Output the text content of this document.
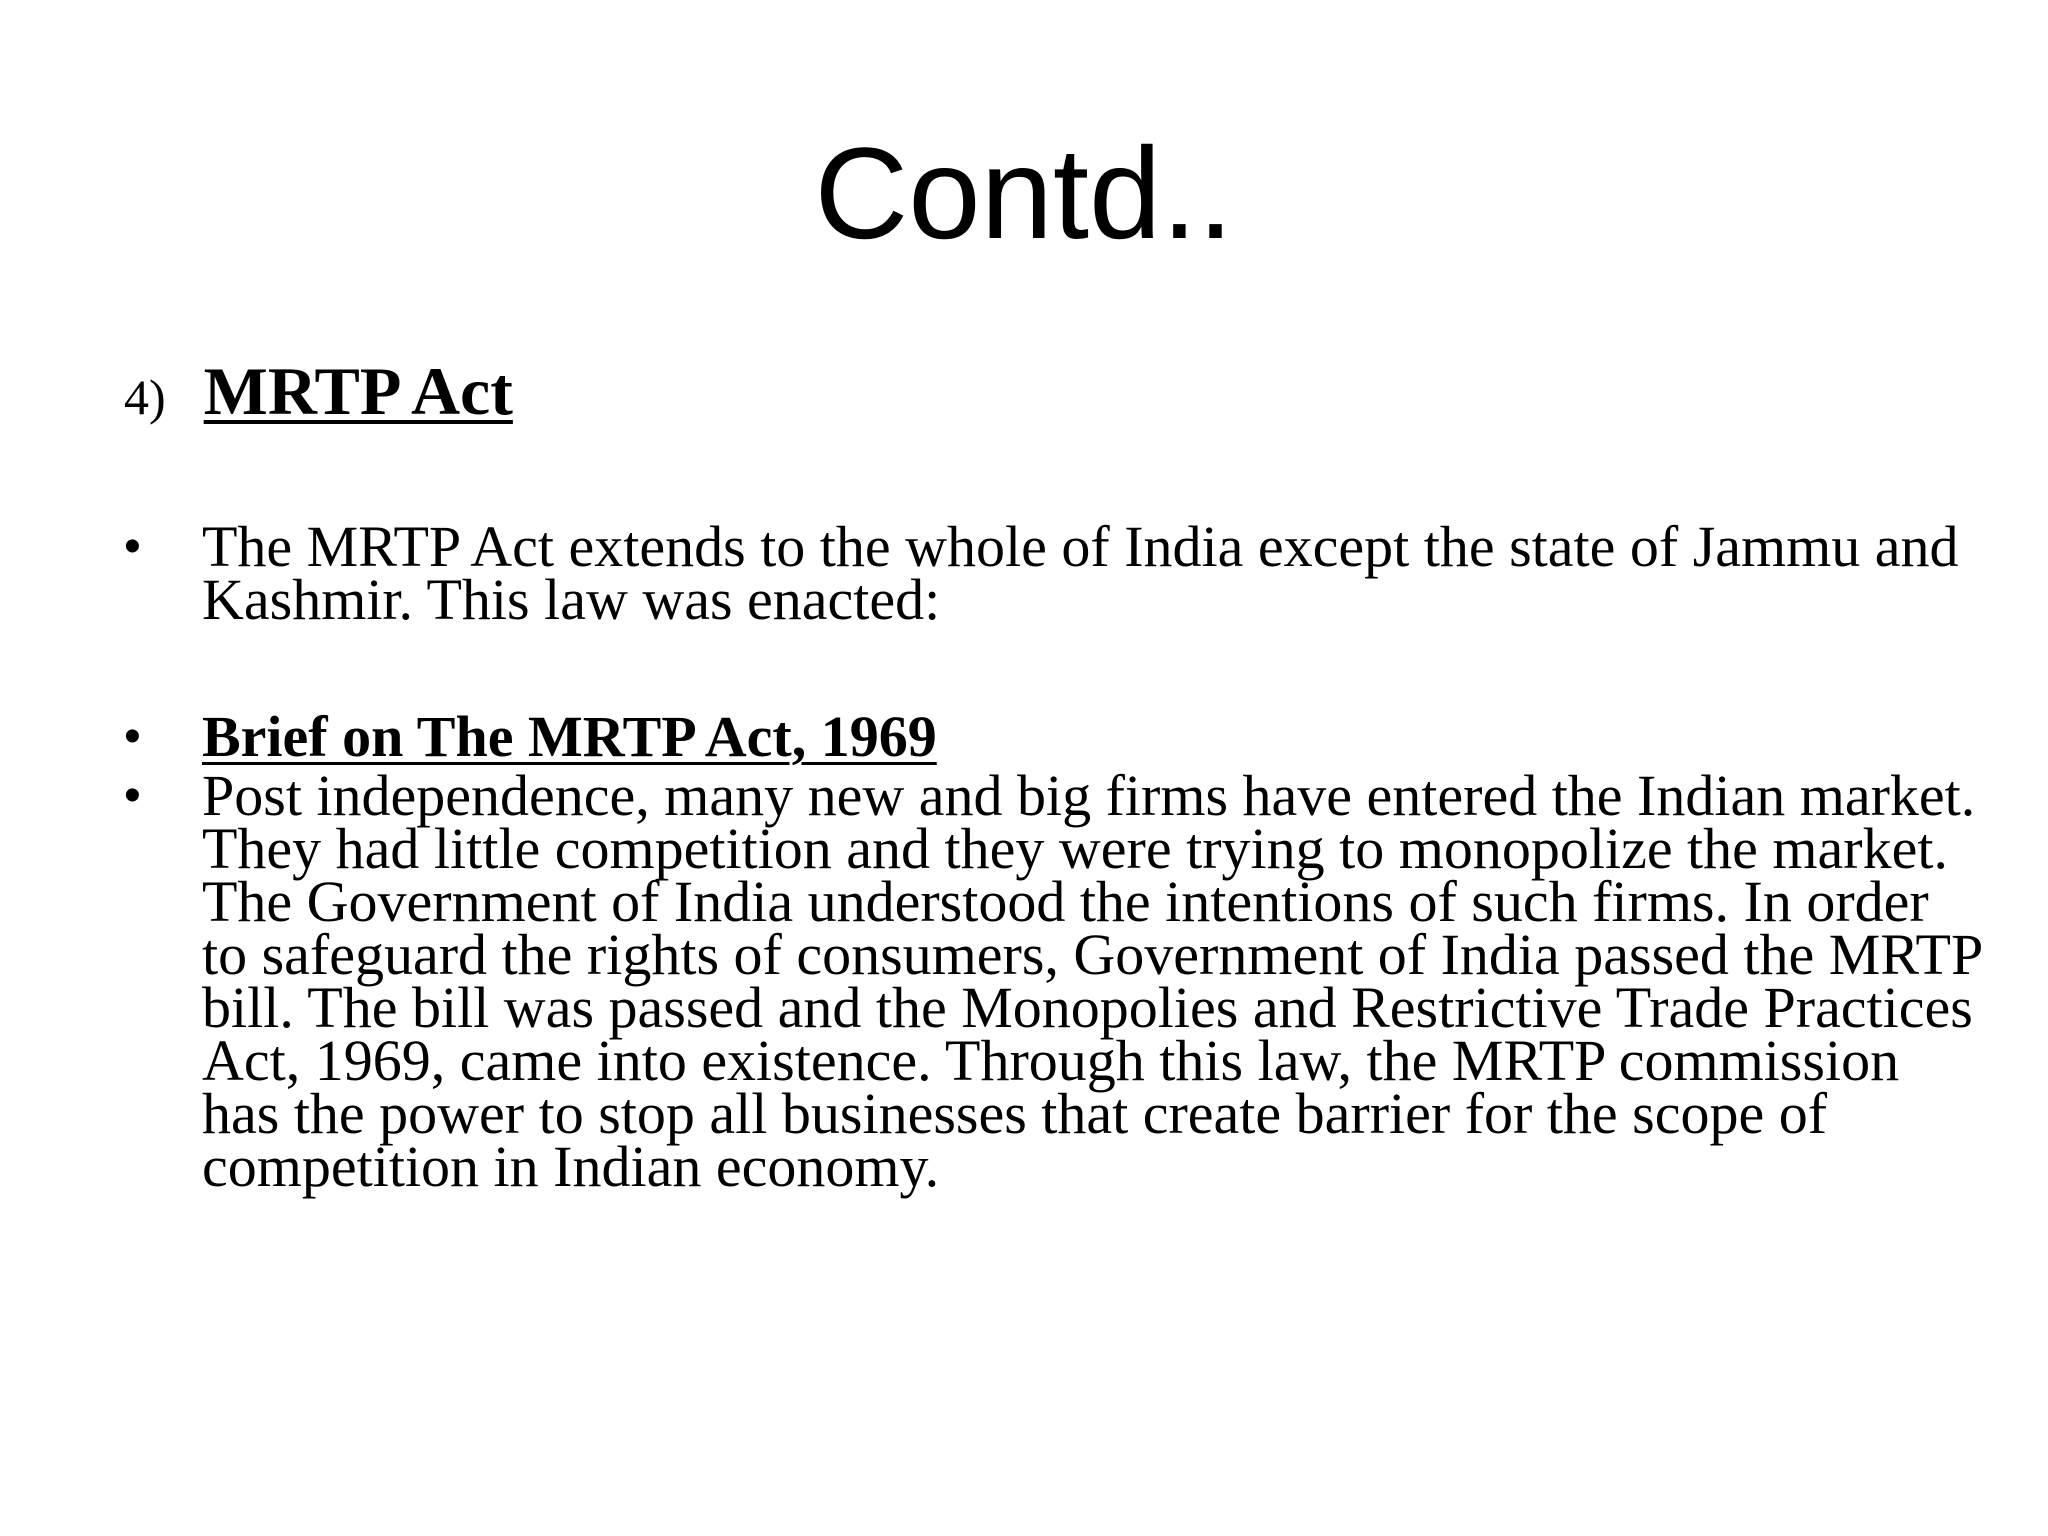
Contd..
4) MRTP Act
• The MRTP Act extends to the whole of India except the state of Jammu and Kashmir. This law was enacted:
• Brief on The MRTP Act, 1969
• Post independence, many new and big firms have entered the Indian market. They had little competition and they were trying to monopolize the market. The Government of India understood the intentions of such firms. In order to safeguard the rights of consumers, Government of India passed the MRTP bill. The bill was passed and the Monopolies and Restrictive Trade Practices Act, 1969, came into existence. Through this law, the MRTP commission has the power to stop all businesses that create barrier for the scope of competition in Indian economy.
